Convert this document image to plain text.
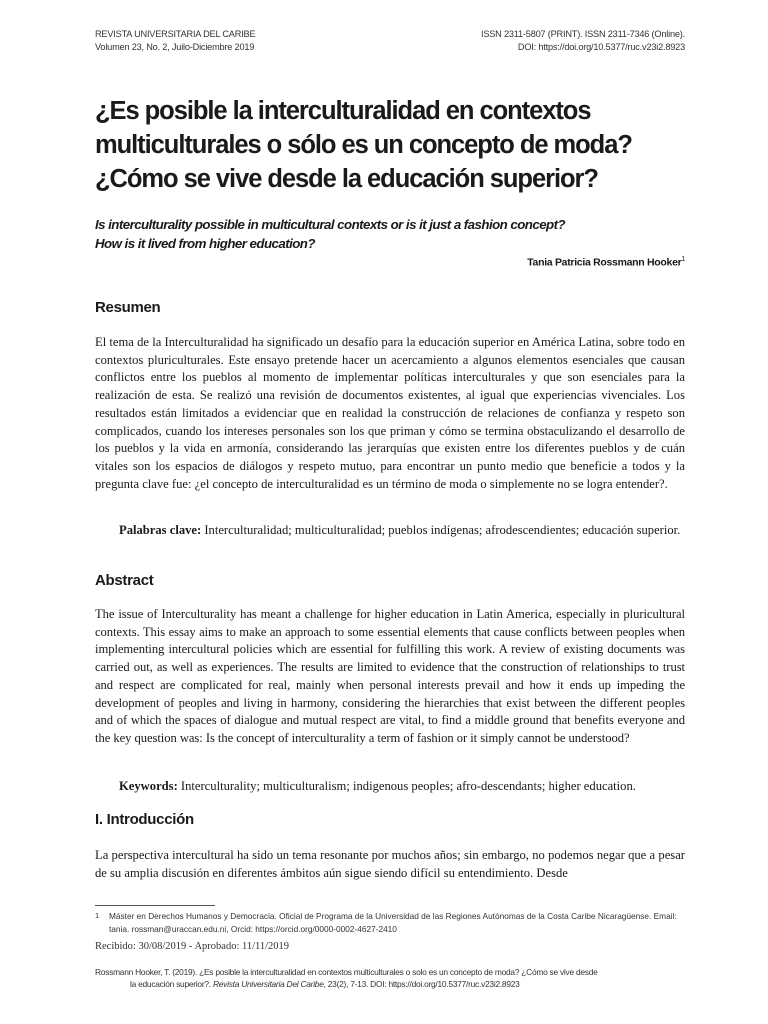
REVISTA UNIVERSITARIA DEL CARIBE
Volumen 23, No. 2, Juilo-Diciembre 2019
ISSN 2311-5807 (PRINT). ISSN 2311-7346 (Online).
DOI: https://doi.org/10.5377/ruc.v23i2.8923
¿Es posible la interculturalidad en contextos
multiculturales o sólo es un concepto de moda?
¿Cómo se vive desde la educación superior?
Is interculturality possible in multicultural contexts or is it just a fashion concept?
How is it lived from higher education?
Tania Patricia Rossmann Hooker$^1$
Resumen

El tema de la Interculturalidad ha significado un desafío para la educación superior en América Latina, sobre todo en contextos pluriculturales. Este ensayo pretende hacer un acercamiento a algunos elementos esenciales que causan conflictos entre los pueblos al momento de implementar políticas interculturales y que son esenciales para la realización de esta. Se realizó una revisión de documentos existentes, al igual que experiencias vivenciales. Los resultados están limitados a evidenciar que en realidad la construcción de relaciones de confianza y respeto son complicados, cuando los intereses personales son los que priman y cómo se termina obstaculizando el desarrollo de los pueblos y la vida en armonía, considerando las jerarquías que existen entre los diferentes pueblos y de cuán vitales son los espacios de diálogos y respeto mutuo, para encontrar un punto medio que beneficie a todos y la pregunta clave fue: ¿el concepto de interculturalidad es un término de moda o simplemente no se logra entender?.

Palabras clave: Interculturalidad; multiculturalidad; pueblos indígenas; afrodescendientes; educación superior.

Abstract

The issue of Interculturality has meant a challenge for higher education in Latin America, especially in pluricultural contexts. This essay aims to make an approach to some essential elements that cause conflicts between peoples when implementing intercultural policies which are essential for fulfilling this work. A review of existing documents was carried out, as well as experiences. The results are limited to evidence that the construction of relationships to trust and respect are complicated for real, mainly when personal interests prevail and how it ends up impeding the development of peoples and living in harmony, considering the hierarchies that exist between the different peoples and of which the spaces of dialogue and mutual respect are vital, to find a middle ground that benefits everyone and the key question was: Is the concept of interculturality a term of fashion or it simply cannot be understood?

Keywords: Interculturality; multiculturalism; indigenous peoples; afro-descendants; higher education.

I. Introducción

La perspectiva intercultural ha sido un tema resonante por muchos años; sin embargo, no podemos negar que a pesar de su amplia discusión en diferentes ámbitos aún sigue siendo difícil su entendimiento. Desde

1 Máster en Derechos Humanos y Democracia. Oficial de Programa de la Universidad de las Regiones Autónomas de la Costa Caribe Nicaragüense. Email: tania. rossman@uraccan.edu.ni, Orcid: https://orcid.org/0000-0002-4627-2410
Recibido: 30/08/2019 - Aprobado: 11/11/2019
Rossmann Hooker, T. (2019). ¿Es posible la interculturalidad en contextos multiculturales o solo es un concepto de moda? ¿Cómo se vive desde
la educación superior?. Revista Universitaria Del Caribe, 23(2), 7-13. DOI: https://doi.org/10.5377/ruc.v23i2.8923
